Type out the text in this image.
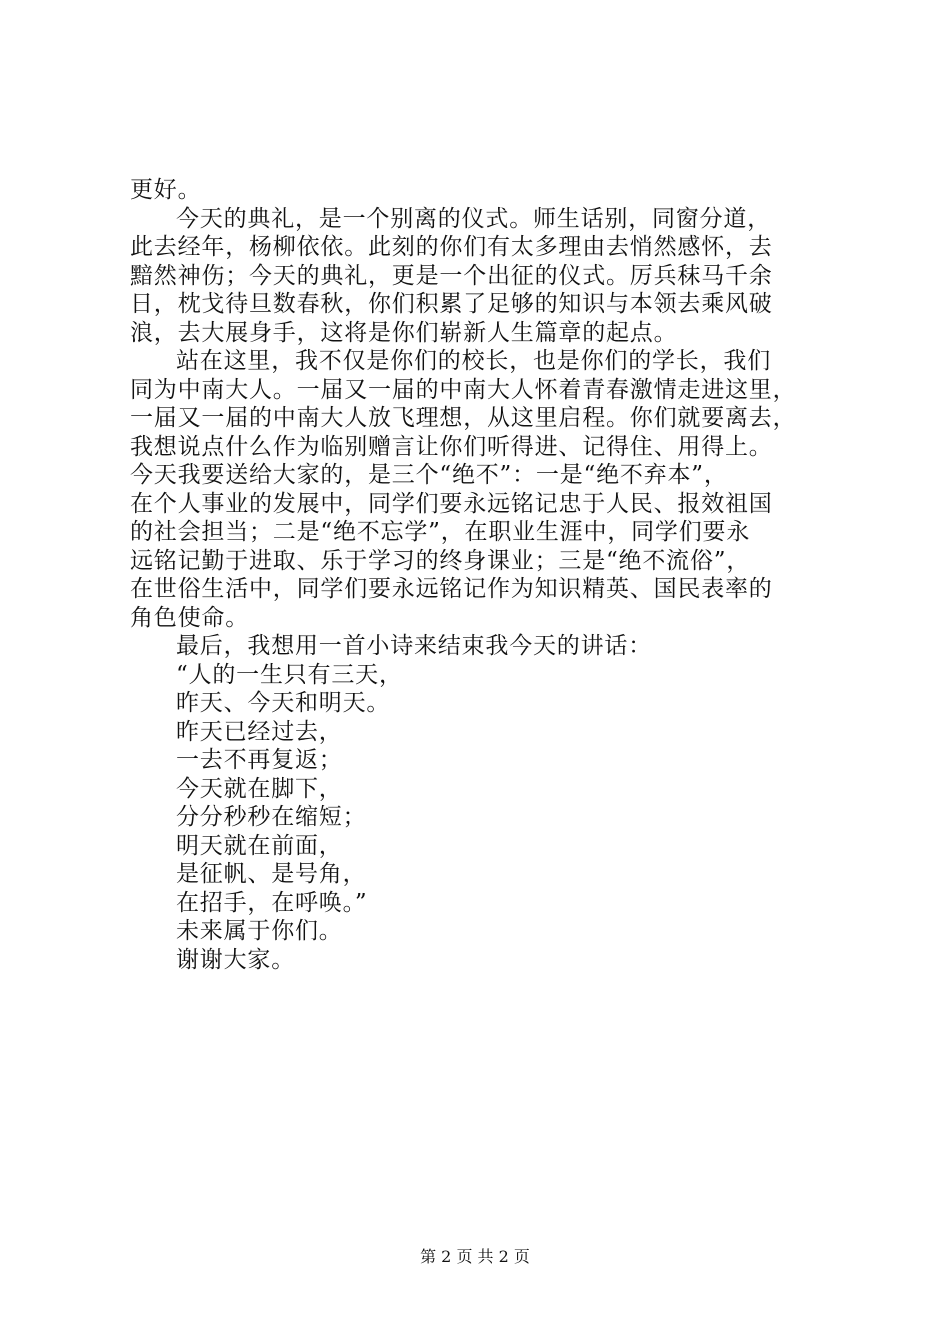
更好。
今天的典礼，是一个别离的仪式。师生话别，同窗分道，
此去经年，杨柳依依。此刻的你们有太多理由去悄然感怀，去
黯然神伤；今天的典礼，更是一个出征的仪式。厉兵秣马千余
日，枕戈待旦数春秋，你们积累了足够的知识与本领去乘风破
浪，去大展身手，这将是你们崭新人生篇章的起点。
站在这里，我不仅是你们的校长，也是你们的学长，我们
同为中南大人。一届又一届的中南大人怀着青春激情走进这里，
一届又一届的中南大人放飞理想，从这里启程。你们就要离去，
我想说点什么作为临别赠言让你们听得进、记得住、用得上。
今天我要送给大家的，是三个“绝不”：一是“绝不弃本”，
在个人事业的发展中，同学们要永远铭记忠于人民、报效祖国
的社会担当；二是“绝不忘学”，在职业生涯中，同学们要永
远铭记勤于进取、乐于学习的终身课业；三是“绝不流俗”，
在世俗生活中，同学们要永远铭记作为知识精英、国民表率的
角色使命。
最后，我想用一首小诗来结束我今天的讲话：
“人的一生只有三天，
昨天、今天和明天。
昨天已经过去，
一去不再复返；
今天就在脚下，
分分秒秒在缩短；
明天就在前面，
是征帆、是号角，
在招手，在呼唤。”
未来属于你们。
谢谢大家。
第 2 页 共 2 页
